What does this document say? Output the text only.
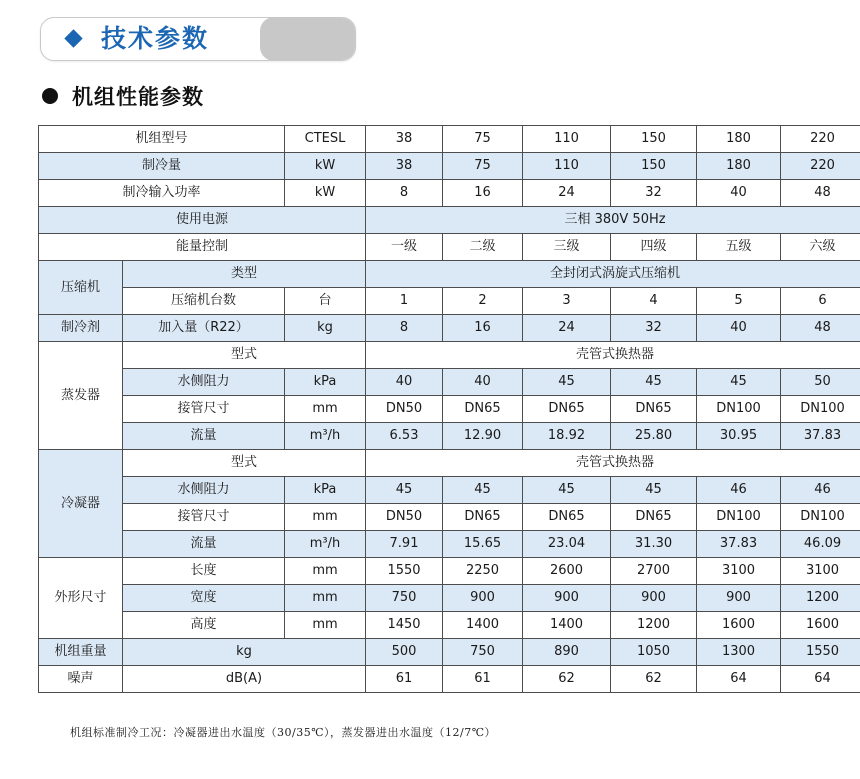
技术参数
机组性能参数
机组型号		CTESL	38	75	110	150	180	220
制冷量		kW	38	75	110	150	180	220
制冷输入功率		kW	8	16	24	32	40	48
使用电源			三相 380V 50Hz					
能量控制			一级	二级	三级	四级	五级	六级
压缩机	类型		全封闭式涡旋式压缩机					
	压缩机台数	台	1	2	3	4	5	6
制冷剂	加入量（R22）	kg	8	16	24	32	40	48
蒸发器	型式		壳管式换热器					
	水侧阻力	kPa	40	40	45	45	45	50
	接管尺寸	mm	DN50	DN65	DN65	DN65	DN100	DN100
	流量	m³/h	6.53	12.90	18.92	25.80	30.95	37.83
冷凝器	型式		壳管式换热器					
	水侧阻力	kPa	45	45	45	45	46	46
	接管尺寸	mm	DN50	DN65	DN65	DN65	DN100	DN100
	流量	m³/h	7.91	15.65	23.04	31.30	37.83	46.09
外形尺寸	长度	mm	1550	2250	2600	2700	3100	3100
	宽度	mm	750	900	900	900	900	1200
	高度	mm	1450	1400	1400	1200	1600	1600
机组重量	kg		500	750	890	1050	1300	1550
噪声	dB(A)		61	61	62	62	64	64
机组标准制冷工况：冷凝器进出水温度（30/35℃），蒸发器进出水温度（12/7℃）
